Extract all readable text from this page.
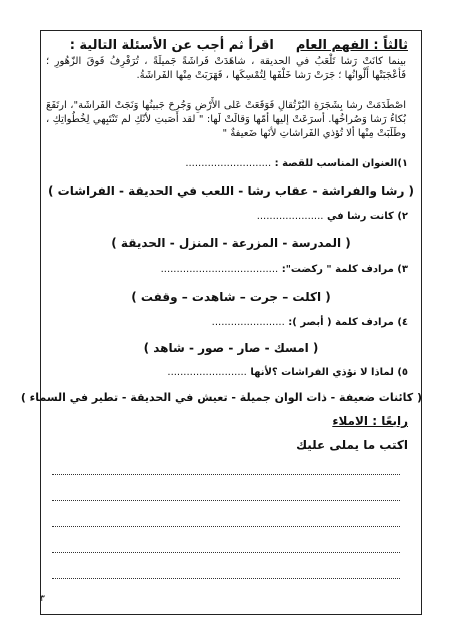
ثالثاً : الفهم العاماقرأ ثم أجب عن الأسئلة التالية :
بينما كانَتْ رَشا تَلْعَبُ في الحديقة ، شاهَدَتْ فَراشَةً جَميلَةً ، تُرَفْرِفُ فَوقَ الزّهُورِ ؛ فَأعْجَبَتْها أَلْوانُها ؛ جَرَتْ رَشا خَلْفَها لِتُمْسِكَها ، فَهَرَبَتْ مِنْها الفَراشَةُ.
اصْطَدَمَتْ رشا بِشَجَرَةِ البُرْتُقالِ فَوَقَعَتْ عَلى الأَرْضِ وَجُرِحَ جَبينُها وَنَجَتْ الفَراشَة"، ارتَفَعَ بُكاءُ رَشا وَصُراخُها. أسرَعَتْ إليها أمّها وَقالَتْ لَها: " لقد أصَبتِ لأنّكِ لم تَنْتَبِهي لِخُطُواتِكِ ، وطَلَبَتْ مِنْها ألا تُؤذي الفَراشاتِ لأنَها ضَعيفةٌ "
١)العنوان المناسب للقصة : ...........................
( رشا والفراشة - عقاب رشا - اللعب في الحديقة - الفراشات )
٢) كانت رشا في .....................
( المدرسة - المزرعة - المنزل - الحديقة )
٣) مرادف كلمة " ركضت": .....................................
( اكلت – جرت – شاهدت – وقفت )
٤) مرادف كلمة ( أبصر ): .......................
( امسك - صار - صور - شاهد )
٥) لماذا لا نؤذي الفراشات ؟لأنها .........................
( كائنات ضعيفة - ذات الوان جميلة - تعيش في الحديقة - تطير في السماء )
رابعًا : الاملاء
اكتب ما يملى عليك
٣
